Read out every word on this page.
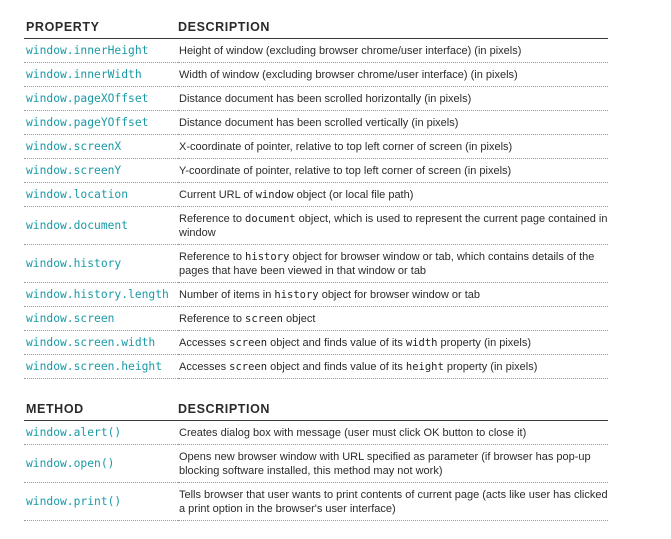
PROPERTY	DESCRIPTION
window.innerHeight	Height of window (excluding browser chrome/user interface) (in pixels)
window.innerWidth	Width of window (excluding browser chrome/user interface) (in pixels)
window.pageXOffset	Distance document has been scrolled horizontally (in pixels)
window.pageYOffset	Distance document has been scrolled vertically (in pixels)
window.screenX	X-coordinate of pointer, relative to top left corner of screen (in pixels)
window.screenY	Y-coordinate of pointer, relative to top left corner of screen (in pixels)
window.location	Current URL of window object (or local file path)
window.document	Reference to document object, which is used to represent the current page contained in window
window.history	Reference to history object for browser window or tab, which contains details of the pages that have been viewed in that window or tab
window.history.length	Number of items in history object for browser window or tab
window.screen	Reference to screen object
window.screen.width	Accesses screen object and finds value of its width property (in pixels)
window.screen.height	Accesses screen object and finds value of its height property (in pixels)
METHOD	DESCRIPTION
window.alert()	Creates dialog box with message (user must click OK button to close it)
window.open()	Opens new browser window with URL specified as parameter (if browser has pop-up blocking software installed, this method may not work)
window.print()	Tells browser that user wants to print contents of current page (acts like user has clicked a print option in the browser's user interface)
